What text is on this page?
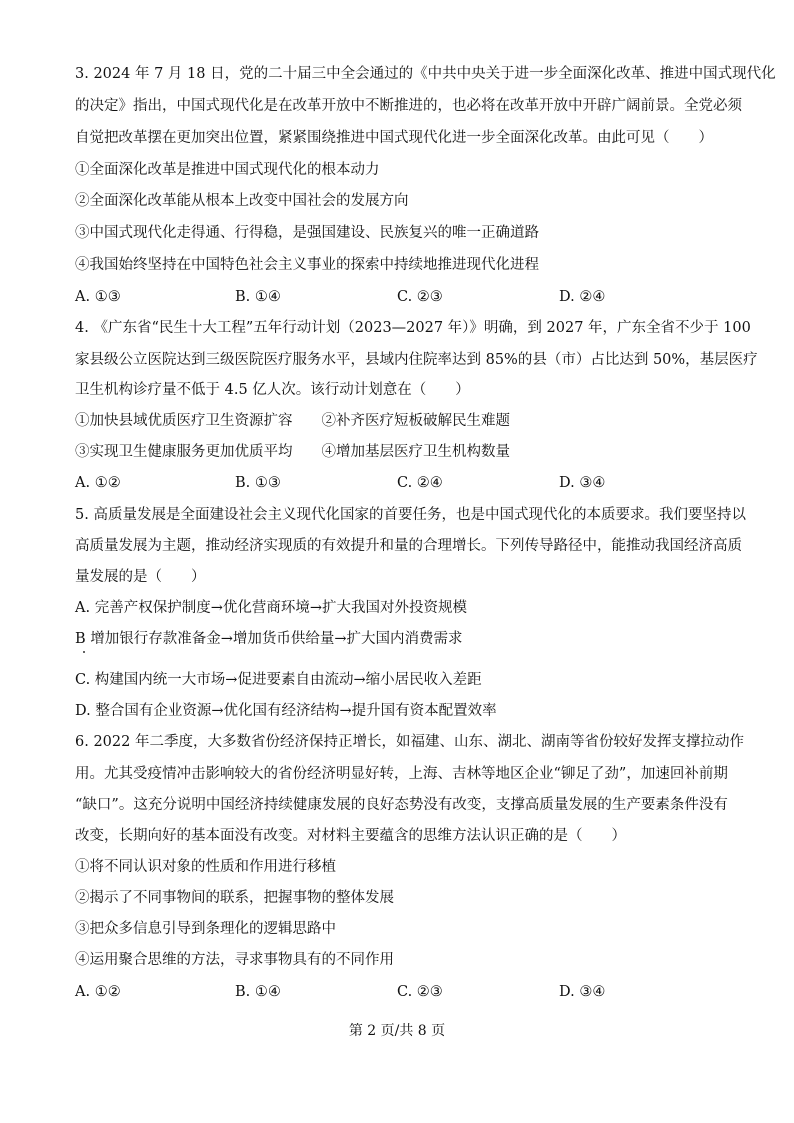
3. 2024 年 7 月 18 日，党的二十届三中全会通过的《中共中央关于进一步全面深化改革、推进中国式现代化
的决定》指出，中国式现代化是在改革开放中不断推进的，也必将在改革开放中开辟广阔前景。全党必须
自觉把改革摆在更加突出位置，紧紧围绕推进中国式现代化进一步全面深化改革。由此可见（　　）
①全面深化改革是推进中国式现代化的根本动力
②全面深化改革能从根本上改变中国社会的发展方向
③中国式现代化走得通、行得稳，是强国建设、民族复兴的唯一正确道路
④我国始终坚持在中国特色社会主义事业的探索中持续地推进现代化进程
A. ①③	B. ①④	C. ②③	D. ②④
4. 《广东省“民生十大工程”五年行动计划（2023—2027 年）》明确，到 2027 年，广东全省不少于 100
家县级公立医院达到三级医院医疗服务水平，县域内住院率达到 85%的县（市）占比达到 50%，基层医疗
卫生机构诊疗量不低于 4.5 亿人次。该行动计划意在（　　）
①加快县域优质医疗卫生资源扩容　　②补齐医疗短板破解民生难题
③实现卫生健康服务更加优质平均　　④增加基层医疗卫生机构数量
A. ①②	B. ①③	C. ②④	D. ③④
5. 高质量发展是全面建设社会主义现代化国家的首要任务，也是中国式现代化的本质要求。我们要坚持以
高质量发展为主题，推动经济实现质的有效提升和量的合理增长。下列传导路径中，能推动我国经济高质
量发展的是（　　）
A. 完善产权保护制度→优化营商环境→扩大我国对外投资规模
B 增加银行存款准备金→增加货币供给量→扩大国内消费需求
C. 构建国内统一大市场→促进要素自由流动→缩小居民收入差距
D. 整合国有企业资源→优化国有经济结构→提升国有资本配置效率
6. 2022 年二季度，大多数省份经济保持正增长，如福建、山东、湖北、湖南等省份较好发挥支撑拉动作
用。尤其受疫情冲击影响较大的省份经济明显好转，上海、吉林等地区企业“铆足了劲”，加速回补前期
“缺口”。这充分说明中国经济持续健康发展的良好态势没有改变，支撑高质量发展的生产要素条件没有
改变，长期向好的基本面没有改变。对材料主要蕴含的思维方法认识正确的是（　　）
①将不同认识对象的性质和作用进行移植
②揭示了不同事物间的联系，把握事物的整体发展
③把众多信息引导到条理化的逻辑思路中
④运用聚合思维的方法，寻求事物具有的不同作用
A. ①②	B. ①④	C. ②③	D. ③④
第 2 页/共 8 页
